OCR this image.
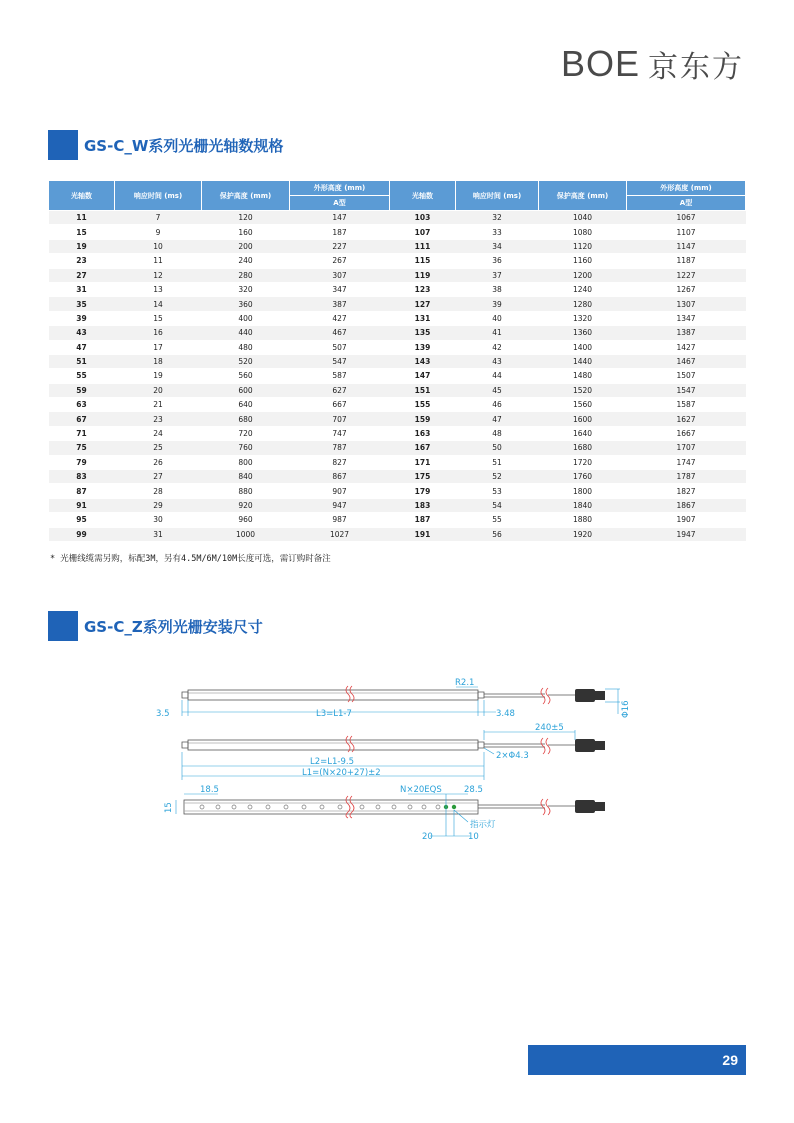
BOE 京东方
GS-C_W系列光栅光轴数规格
光轴数	响应时间 (ms)	保护高度 (mm)	外形高度 (mm)	光轴数	响应时间 (ms)	保护高度 (mm)	外形高度 (mm)
			A型				A型
11	7	120	147	103	32	1040	1067
15	9	160	187	107	33	1080	1107
19	10	200	227	111	34	1120	1147
23	11	240	267	115	36	1160	1187
27	12	280	307	119	37	1200	1227
31	13	320	347	123	38	1240	1267
35	14	360	387	127	39	1280	1307
39	15	400	427	131	40	1320	1347
43	16	440	467	135	41	1360	1387
47	17	480	507	139	42	1400	1427
51	18	520	547	143	43	1440	1467
55	19	560	587	147	44	1480	1507
59	20	600	627	151	45	1520	1547
63	21	640	667	155	46	1560	1587
67	23	680	707	159	47	1600	1627
71	24	720	747	163	48	1640	1667
75	25	760	787	167	50	1680	1707
79	26	800	827	171	51	1720	1747
83	27	840	867	175	52	1760	1787
87	28	880	907	179	53	1800	1827
91	29	920	947	183	54	1840	1867
95	30	960	987	187	55	1880	1907
99	31	1000	1027	191	56	1920	1947
* 光栅线缆需另购，标配3M，另有4.5M/6M/10M长度可选，需订购时备注
GS-C_Z系列光栅安装尺寸
R2.1
3.5	L3=L1-7	3.48	Φ16
240±5
2×Φ4.3
L2=L1-9.5
L1=(N×20+27)±2
15
18.5	N×20EQS	28.5
指示灯
20	10
29
